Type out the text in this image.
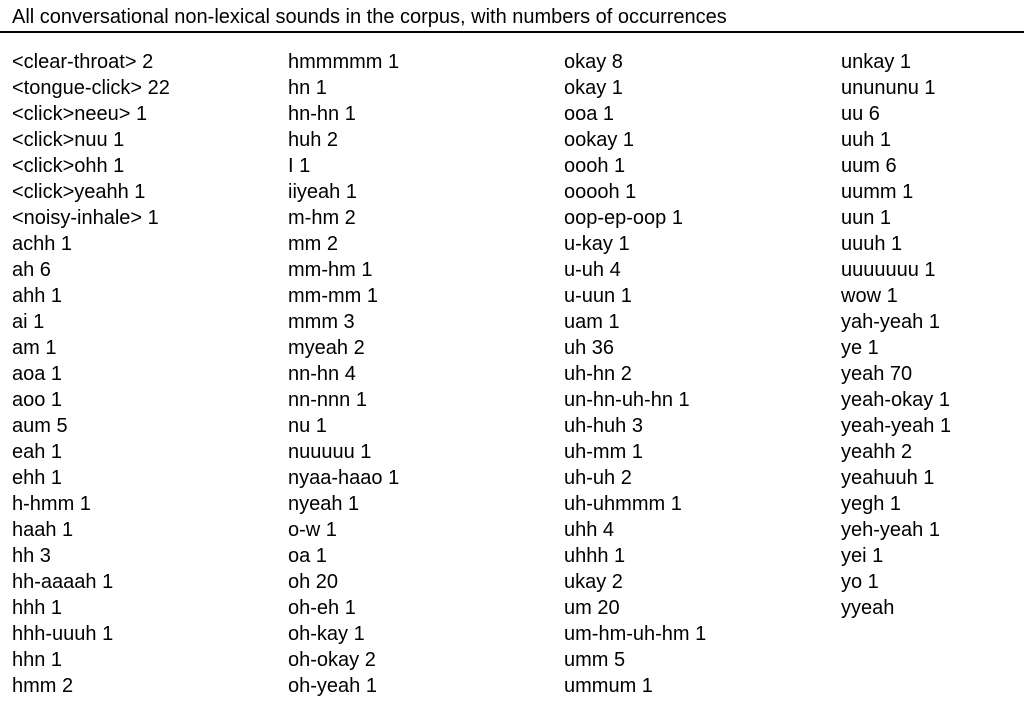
All conversational non-lexical sounds in the corpus, with numbers of occurrences
<clear-throat> 2
<tongue-click> 22
<click>neeu> 1
<click>nuu 1
<click>ohh 1
<click>yeahh 1
<noisy-inhale> 1
achh 1
ah 6
ahh 1
ai 1
am 1
aoa 1
aoo 1
aum 5
eah 1
ehh 1
h-hmm 1
haah 1
hh 3
hh-aaaah 1
hhh 1
hhh-uuuh 1
hhn 1
hmm 2
hmmmmm 1
hn 1
hn-hn 1
huh 2
I 1
iiyeah 1
m-hm 2
mm 2
mm-hm 1
mm-mm 1
mmm 3
myeah 2
nn-hn 4
nn-nnn 1
nu 1
nuuuuu 1
nyaa-haao 1
nyeah 1
o-w 1
oa 1
oh 20
oh-eh 1
oh-kay 1
oh-okay 2
oh-yeah 1
okay 8
okay 1
ooa 1
ookay 1
oooh 1
ooooh 1
oop-ep-oop 1
u-kay 1
u-uh 4
u-uun 1
uam 1
uh 36
uh-hn 2
un-hn-uh-hn 1
uh-huh 3
uh-mm 1
uh-uh 2
uh-uhmmm 1
uhh 4
uhhh 1
ukay 2
um 20
um-hm-uh-hm 1
umm 5
ummum 1
unkay 1
unununu 1
uu 6
uuh 1
uum 6
uumm 1
uun 1
uuuh 1
uuuuuuu 1
wow 1
yah-yeah 1
ye 1
yeah 70
yeah-okay 1
yeah-yeah 1
yeahh 2
yeahuuh 1
yegh 1
yeh-yeah 1
yei 1
yo 1
yyeah
